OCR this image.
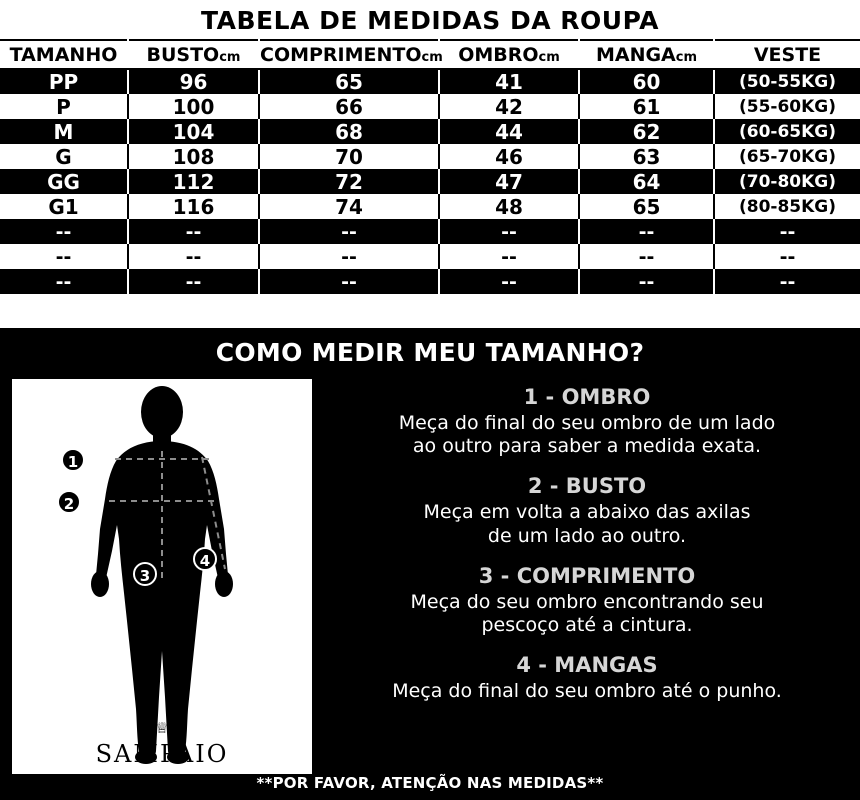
TABELA DE MEDIDAS DA ROUPA
TAMANHO	BUSTOcm	COMPRIMENTOcm	OMBROcm	MANGAcm	VESTE
PP	96	65	41	60	(50-55KG)
P	100	66	42	61	(55-60KG)
M	104	68	44	62	(60-65KG)
G	108	70	46	63	(65-70KG)
GG	112	72	47	64	(70-80KG)
G1	116	74	48	65	(80-85KG)
--	--	--	--	--	--
--	--	--	--	--	--
--	--	--	--	--	--
COMO MEDIR MEU TAMANHO?
1
2
3
4
♕
SAMPAIO
1 - OMBRO
Meça do final do seu ombro de um lado
ao outro para saber a medida exata.
2 - BUSTO
Meça em volta a abaixo das axilas
de um lado ao outro.
3 - COMPRIMENTO
Meça do seu ombro encontrando seu
pescoço até a cintura.
4 - MANGAS
Meça do final do seu ombro até o punho.
**POR FAVOR, ATENÇÃO NAS MEDIDAS**
